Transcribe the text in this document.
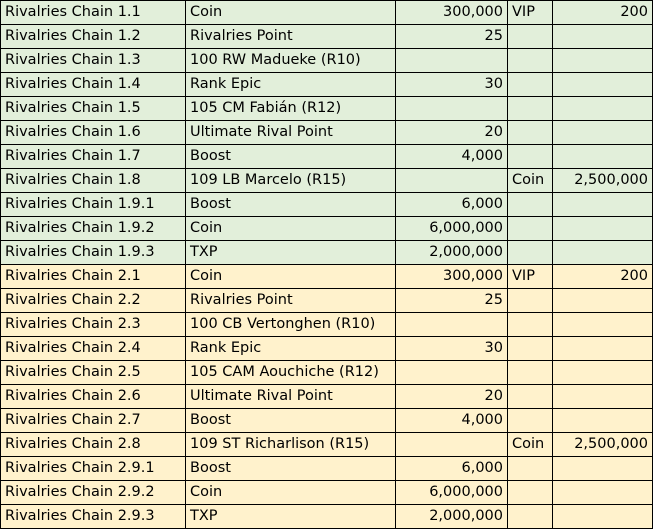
Rivalries Chain 1.1	Coin	300,000	VIP	200
Rivalries Chain 1.2	Rivalries Point	25		
Rivalries Chain 1.3	100 RW Madueke (R10)			
Rivalries Chain 1.4	Rank Epic	30		
Rivalries Chain 1.5	105 CM Fabián (R12)			
Rivalries Chain 1.6	Ultimate Rival Point	20		
Rivalries Chain 1.7	Boost	4,000		
Rivalries Chain 1.8	109 LB Marcelo (R15)		Coin	2,500,000
Rivalries Chain 1.9.1	Boost	6,000		
Rivalries Chain 1.9.2	Coin	6,000,000		
Rivalries Chain 1.9.3	TXP	2,000,000		
Rivalries Chain 2.1	Coin	300,000	VIP	200
Rivalries Chain 2.2	Rivalries Point	25		
Rivalries Chain 2.3	100 CB Vertonghen (R10)			
Rivalries Chain 2.4	Rank Epic	30		
Rivalries Chain 2.5	105 CAM Aouchiche (R12)			
Rivalries Chain 2.6	Ultimate Rival Point	20		
Rivalries Chain 2.7	Boost	4,000		
Rivalries Chain 2.8	109 ST Richarlison (R15)		Coin	2,500,000
Rivalries Chain 2.9.1	Boost	6,000		
Rivalries Chain 2.9.2	Coin	6,000,000		
Rivalries Chain 2.9.3	TXP	2,000,000		
